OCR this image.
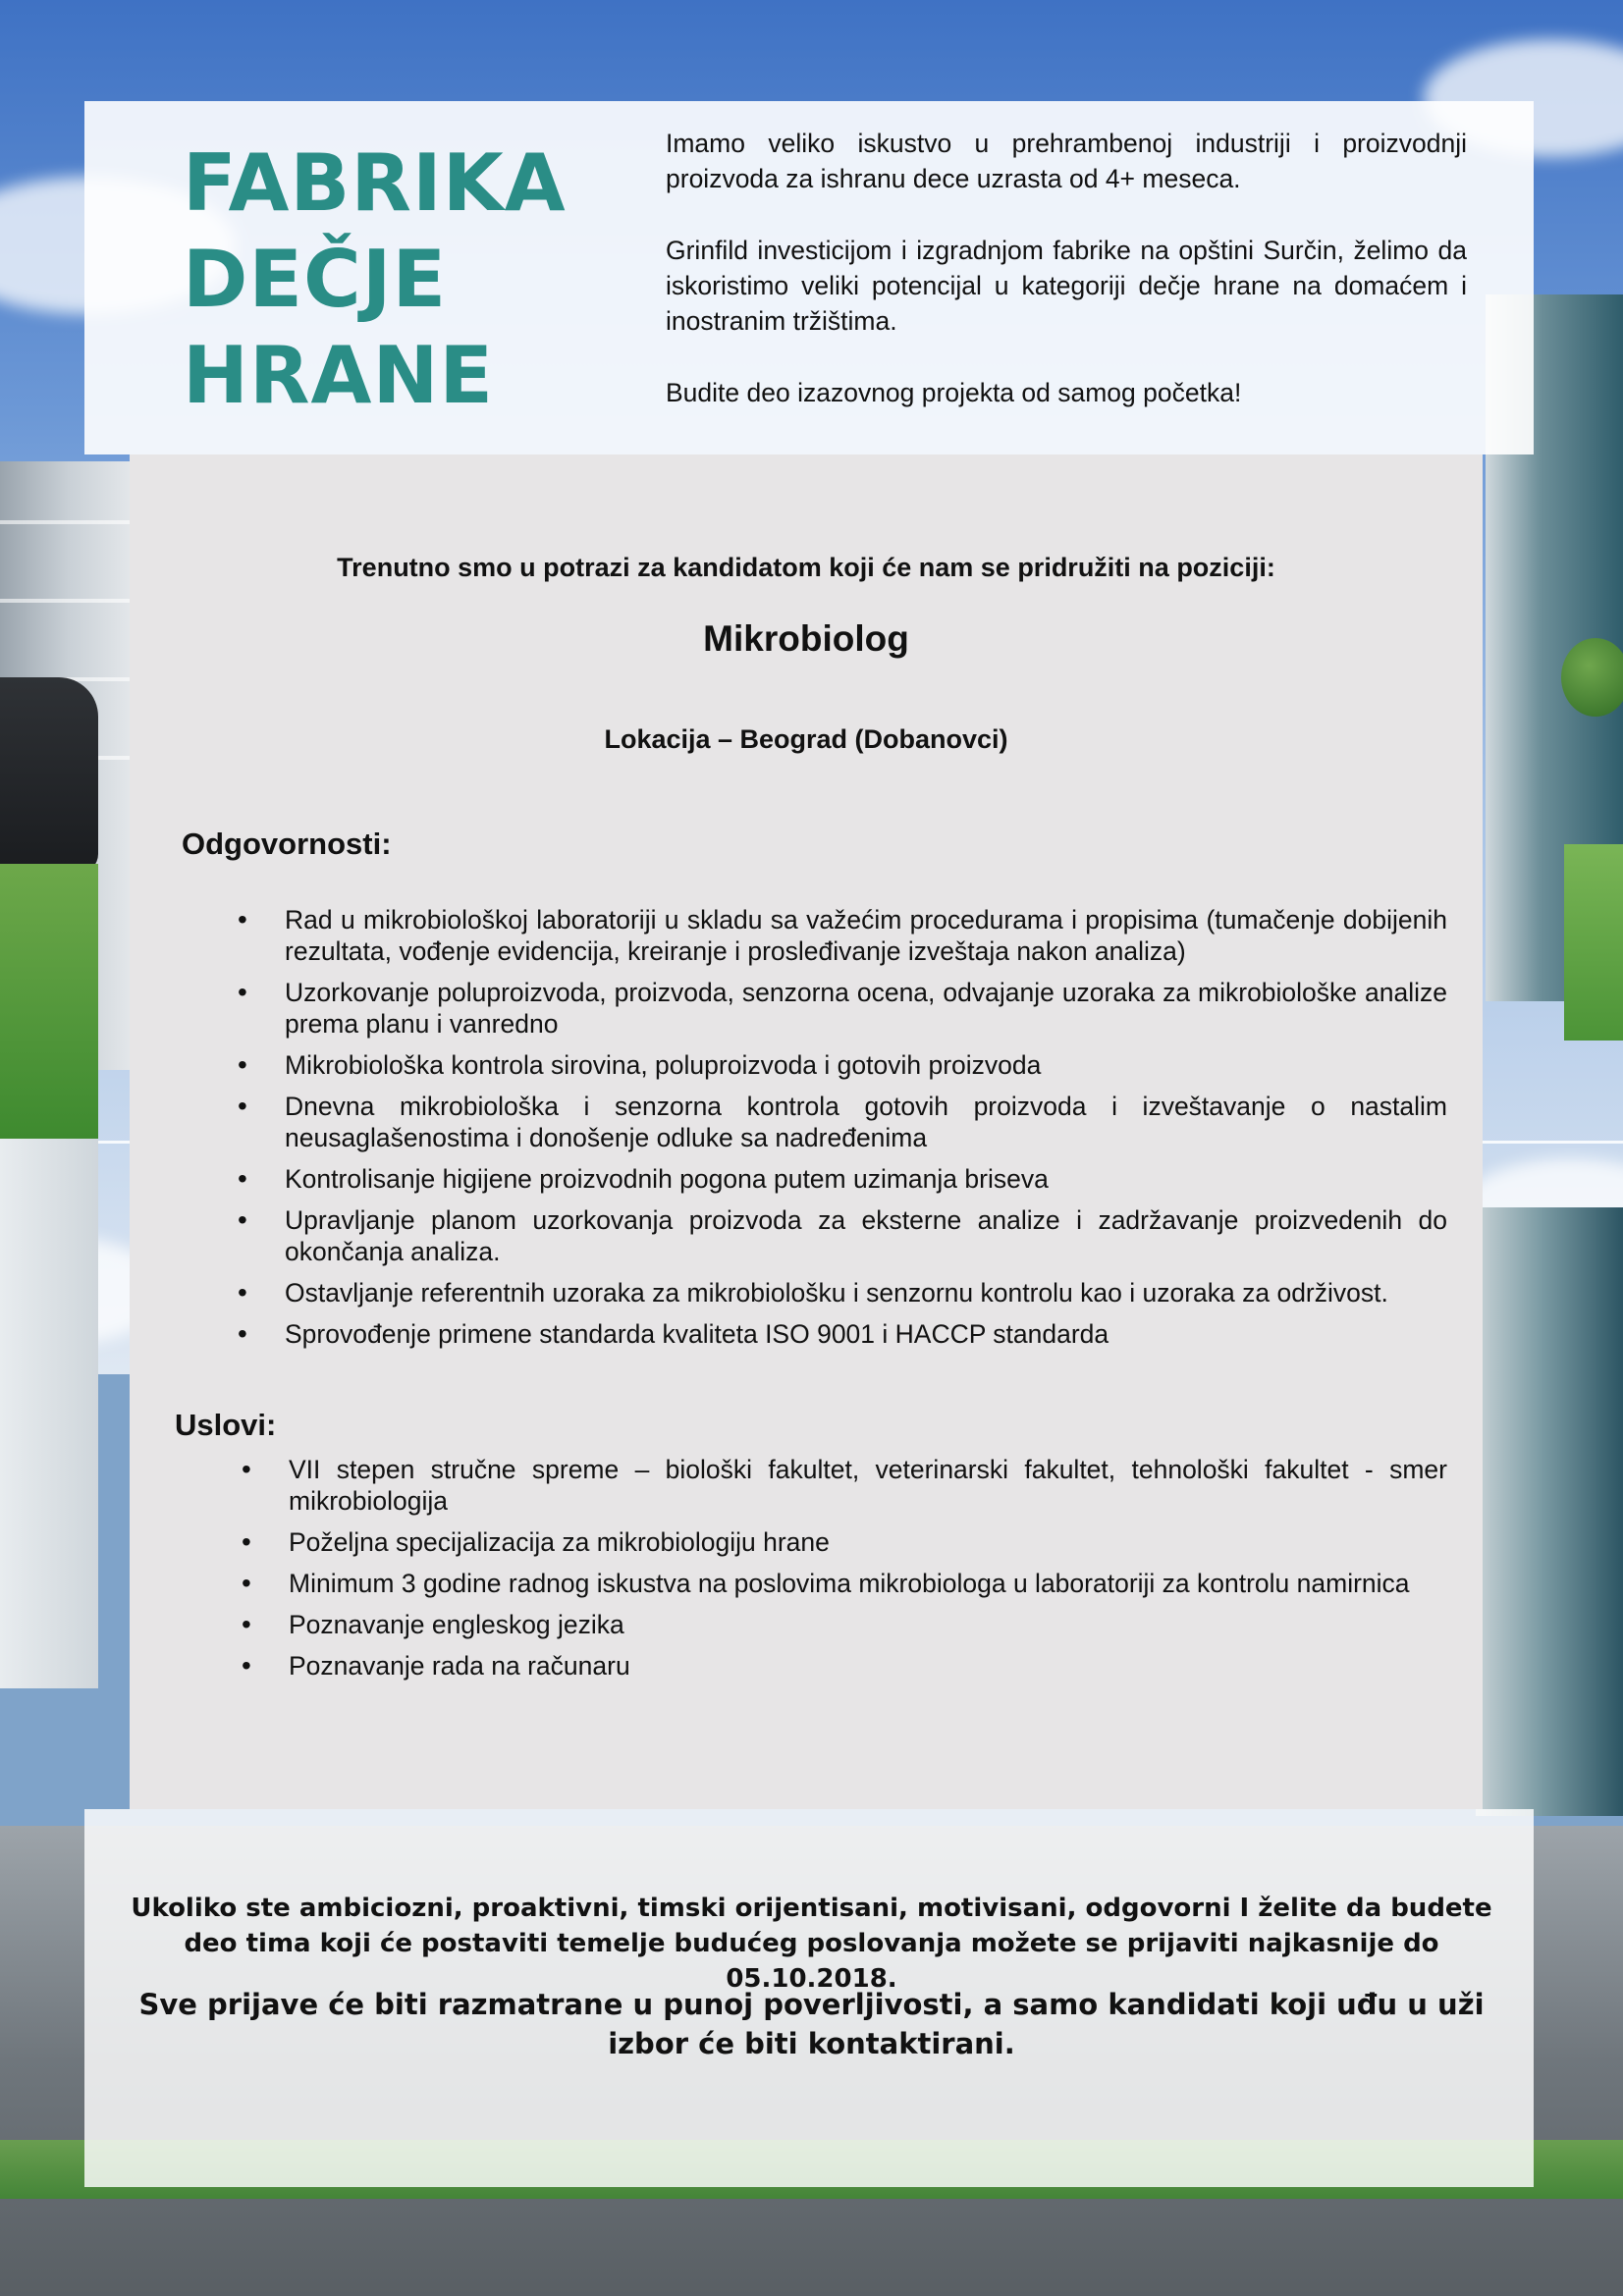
FABRIKA
DEČJE
HRANE

Imamo veliko iskustvo u prehrambenoj industriji i proizvodnji proizvoda za ishranu dece uzrasta od 4+ meseca.

Grinfild investicijom i izgradnjom fabrike na opštini Surčin, želimo da iskoristimo veliki potencijal u kategoriji dečje hrane na domaćem i inostranim tržištima.

Budite deo izazovnog projekta od samog početka!

Trenutno smo u potrazi za kandidatom koji će nam se pridružiti na poziciji:
Mikrobiolog
Lokacija – Beograd (Dobanovci)
Odgovornosti:
• Rad u mikrobiološkoj laboratoriji u skladu sa važećim procedurama i propisima (tumačenje dobijenih rezultata, vođenje evidencija, kreiranje i prosleđivanje izveštaja nakon analiza)
• Uzorkovanje poluproizvoda, proizvoda, senzorna ocena, odvajanje uzoraka za mikrobiološke analize prema planu i vanredno
• Mikrobiološka kontrola sirovina, poluproizvoda i gotovih proizvoda
• Dnevna mikrobiološka i senzorna kontrola gotovih proizvoda i izveštavanje o nastalim neusaglašenostima i donošenje odluke sa nadređenima
• Kontrolisanje higijene proizvodnih pogona putem uzimanja briseva
• Upravljanje planom uzorkovanja proizvoda za eksterne analize i zadržavanje proizvedenih do okončanja analiza.
• Ostavljanje referentnih uzoraka za mikrobiološku i senzornu kontrolu kao i uzoraka za održivost.
• Sprovođenje primene standarda kvaliteta ISO 9001 i HACCP standarda
Uslovi:
• VII stepen stručne spreme – biološki fakultet, veterinarski fakultet, tehnološki fakultet - smer mikrobiologija
• Poželjna specijalizacija za mikrobiologiju hrane
• Minimum 3 godine radnog iskustva na poslovima mikrobiologa u laboratoriji za kontrolu namirnica
• Poznavanje engleskog jezika
• Poznavanje rada na računaru
Ukoliko ste ambiciozni, proaktivni, timski orijentisani, motivisani, odgovorni I želite da budete deo tima koji će postaviti temelje budućeg poslovanja možete se prijaviti najkasnije do 05.10.2018.
Sve prijave će biti razmatrane u punoj poverljivosti, a samo kandidati koji uđu u uži izbor će biti kontaktirani.
